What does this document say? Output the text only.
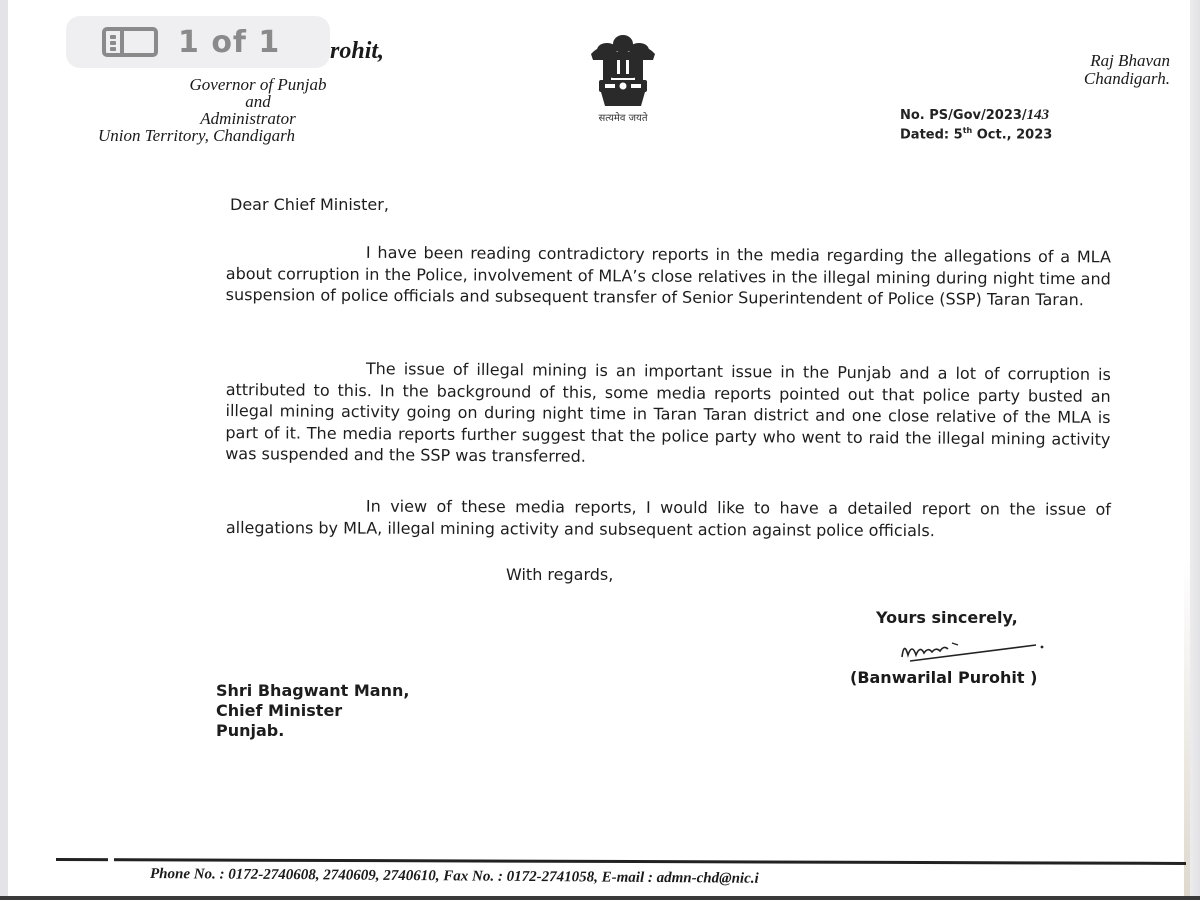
1 of 1 rohit,
Governor of Punjab
and
Administrator
Union Territory, Chandigarh
सत्यमेव जयते
Raj Bhavan
Chandigarh.
No. PS/Gov/2023/143
Dated: 5th Oct., 2023
Dear Chief Minister,
I have been reading contradictory reports in the media regarding the allegations of a MLA about corruption in the Police, involvement of MLA’s close relatives in the illegal mining during night time and suspension of police officials and subsequent transfer of Senior Superintendent of Police (SSP) Taran Taran.
The issue of illegal mining is an important issue in the Punjab and a lot of corruption is attributed to this. In the background of this, some media reports pointed out that police party busted an illegal mining activity going on during night time in Taran Taran district and one close relative of the MLA is part of it. The media reports further suggest that the police party who went to raid the illegal mining activity was suspended and the SSP was transferred.
In view of these media reports, I would like to have a detailed report on the issue of allegations by MLA, illegal mining activity and subsequent action against police officials.
With regards,
Yours sincerely,
(Banwarilal Purohit )
Shri Bhagwant Mann,
Chief Minister
Punjab.
Phone No. : 0172-2740608, 2740609, 2740610, Fax No. : 0172-2741058, E-mail : admn-chd@nic.i
